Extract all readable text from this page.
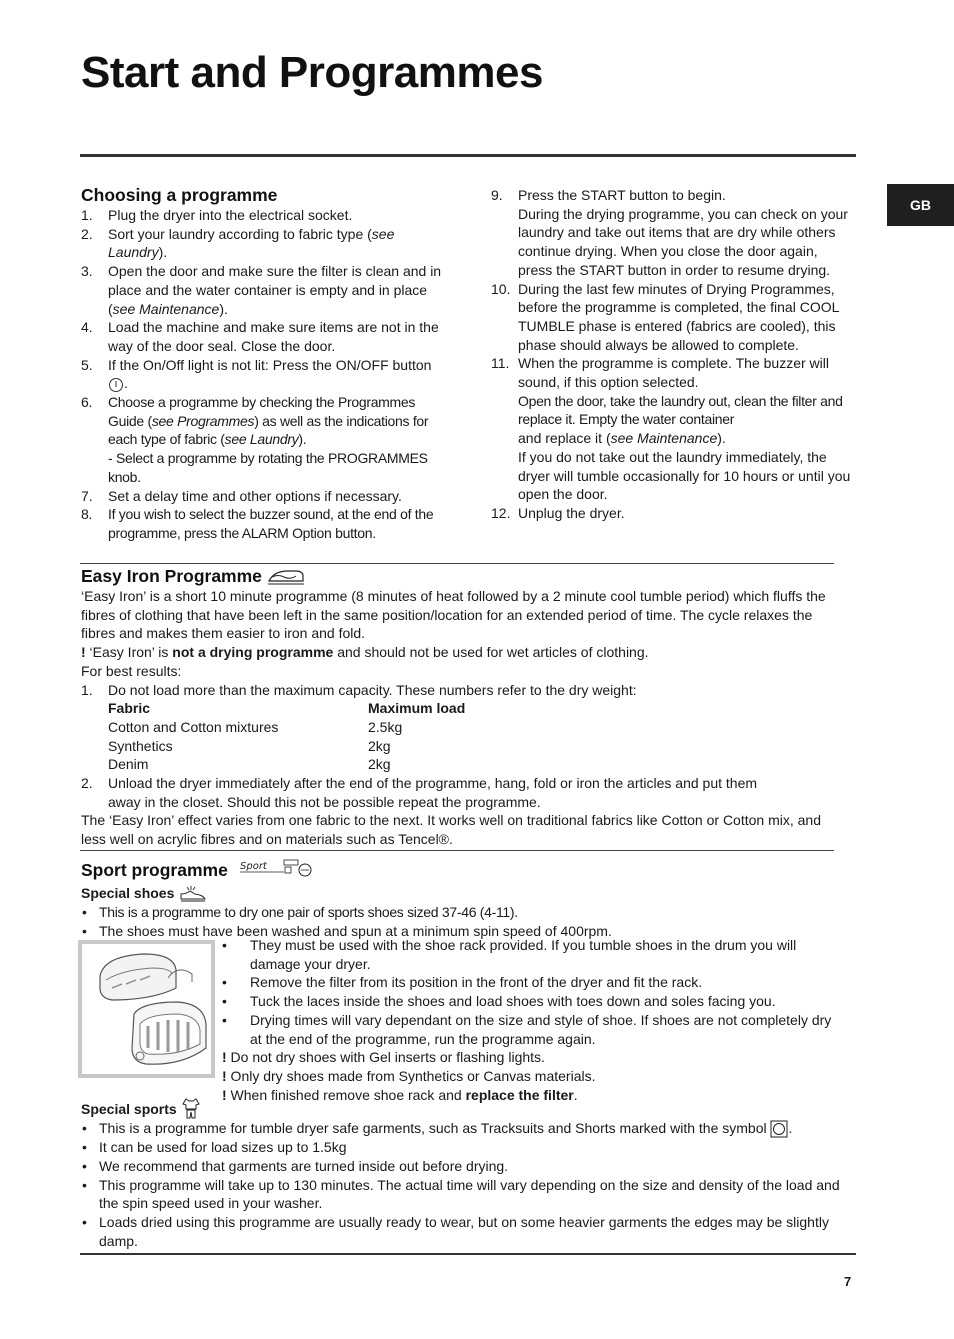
Start and Programmes
GB
Choosing a programme
1. Plug the dryer into the electrical socket.
2. Sort your laundry according to fabric type (see Laundry).
3. Open the door and make sure the filter is clean and in place and the water container is empty and in place (see Maintenance).
4. Load the machine and make sure items are not in the way of the door seal. Close the door.
5. If the On/Off light is not lit: Press the ON/OFF button .
6. Choose a programme by checking the Programmes Guide (see Programmes) as well as the indications for each type of fabric (see Laundry).
- Select a programme by rotating the PROGRAMMES knob.
7. Set a delay time and other options if necessary.
8. If you wish to select the buzzer sound, at the end of the programme, press the ALARM Option button.
9. Press the START button to begin.
During the drying programme, you can check on your laundry and take out items that are dry while others continue drying. When you close the door again, press the START button in order to resume drying.
10. During the last few minutes of Drying Programmes, before the programme is completed, the final COOL TUMBLE phase is entered (fabrics are cooled), this phase should always be allowed to complete.
11. When the programme is complete. The buzzer will sound, if this option selected.
Open the door, take the laundry out, clean the filter and replace it. Empty the water container
and replace it (see Maintenance).
If you do not take out the laundry immediately, the dryer will tumble occasionally for 10 hours or until you open the door.
12. Unplug the dryer.
Easy Iron Programme

‘Easy Iron’ is a short 10 minute programme (8 minutes of heat followed by a 2 minute cool tumble period) which fluffs the fibres of clothing that have been left in the same position/location for an extended period of time. The cycle relaxes the fibres and makes them easier to iron and fold.

! ‘Easy Iron’ is not a drying programme and should not be used for wet articles of clothing.

For best results:

1. Do not load more than the maximum capacity. These numbers refer to the dry weight:
Fabric	Maximum load
Cotton and Cotton mixtures	2.5kg
Synthetics	2kg
Denim	2kg
2. Unload the dryer immediately after the end of the programme, hang, fold or iron the articles and put them away in the closet. Should this not be possible repeat the programme.

The ‘Easy Iron’ effect varies from one fabric to the next. It works well on traditional fabrics like Cotton or Cotton mix, and less well on acrylic fibres and on materials such as Tencel®.

Sport programme Sport
Special shoes
• This is a programme to dry one pair of sports shoes sized 37-46 (4-11).
• The shoes must have been washed and spun at a minimum spin speed of 400rpm.
• They must be used with the shoe rack provided. If you tumble shoes in the drum you will damage your dryer.
• Remove the filter from its position in the front of the dryer and fit the rack.
• Tuck the laces inside the shoes and load shoes with toes down and soles facing you.
• Drying times will vary dependant on the size and style of shoe. If shoes are not completely dry at the end of the programme, run the programme again.

! Do not dry shoes with Gel inserts or flashing lights.

! Only dry shoes made from Synthetics or Canvas materials.

! When finished remove shoe rack and replace the filter.

Special sports
• This is a programme for tumble dryer safe garments, such as Tracksuits and Shorts marked with the symbol .
• It can be used for load sizes up to 1.5kg
• We recommend that garments are turned inside out before drying.
• This programme will take up to 130 minutes. The actual time will vary depending on the size and density of the load and the spin speed used in your washer.
• Loads dried using this programme are usually ready to wear, but on some heavier garments the edges may be slightly damp.
7
